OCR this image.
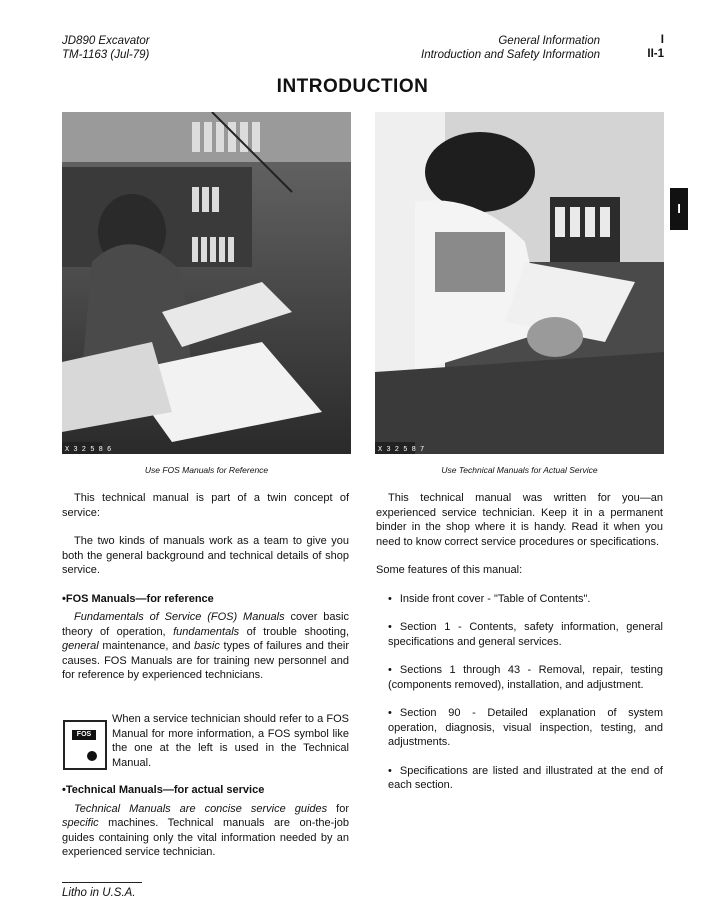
JD890 Excavator
TM-1163 (Jul-79)
General Information
Introduction and Safety Information
I
II-1
INTRODUCTION
I
X 3 2 5 8 6
Use FOS Manuals for Reference
X 3 2 5 8 7
Use Technical Manuals for Actual Service

This technical manual is part of a twin concept of service:

The two kinds of manuals work as a team to give you both the general background and technical details of shop service.

•FOS Manuals—for reference

Fundamentals of Service (FOS) Manuals cover basic theory of operation, fundamentals of trouble shooting, general maintenance, and basic types of failures and their causes. FOS Manuals are for training new personnel and for reference by experienced technicians.

FOS
When a service technician should refer to a FOS Manual for more information, a FOS symbol like the one at the left is used in the Technical Manual.

•Technical Manuals—for actual service

Technical Manuals are concise service guides for specific machines. Technical manuals are on-the-job guides containing only the vital information needed by an experienced service technician.

This technical manual was written for you—an experienced service technician. Keep it in a permanent binder in the shop where it is handy. Read it when you need to know correct service procedures or specifications.

Some features of this manual:

• Inside front cover - "Table of Contents".

• Section 1 - Contents, safety information, general specifications and general services.

• Sections 1 through 43 - Removal, repair, testing (components removed), installation, and adjustment.

• Section 90 - Detailed explanation of system operation, diagnosis, visual inspection, testing, and adjustments.

• Specifications are listed and illustrated at the end of each section.

Litho in U.S.A.
